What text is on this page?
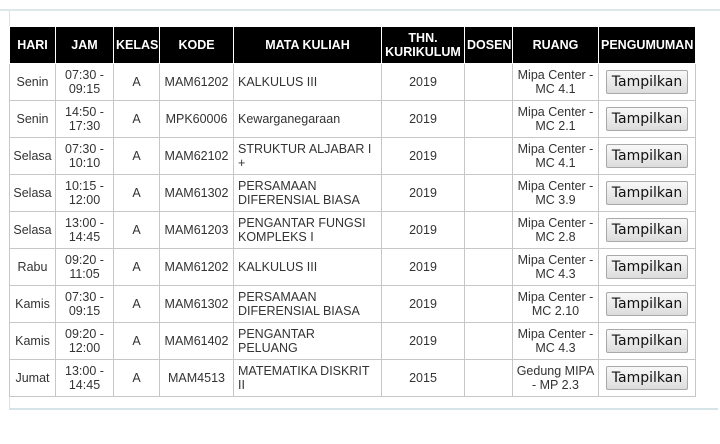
HARI	JAM	KELAS	KODE	MATA KULIAH	THN. KURIKULUM	DOSEN	RUANG	PENGUMUMAN
Senin	07:30 - 09:15	A	MAM61202	KALKULUS III	2019		Mipa Center - MC 4.1	Tampilkan
Senin	14:50 - 17:30	A	MPK60006	Kewarganegaraan	2019		Mipa Center - MC 2.1	Tampilkan
Selasa	07:30 - 10:10	A	MAM62102	STRUKTUR ALJABAR I +	2019		Mipa Center - MC 4.1	Tampilkan
Selasa	10:15 - 12:00	A	MAM61302	PERSAMAAN DIFERENSIAL BIASA	2019		Mipa Center - MC 3.9	Tampilkan
Selasa	13:00 - 14:45	A	MAM61203	PENGANTAR FUNGSI KOMPLEKS I	2019		Mipa Center - MC 2.8	Tampilkan
Rabu	09:20 - 11:05	A	MAM61202	KALKULUS III	2019		Mipa Center - MC 4.3	Tampilkan
Kamis	07:30 - 09:15	A	MAM61302	PERSAMAAN DIFERENSIAL BIASA	2019		Mipa Center - MC 2.10	Tampilkan
Kamis	09:20 - 12:00	A	MAM61402	PENGANTAR PELUANG	2019		Mipa Center - MC 4.3	Tampilkan
Jumat	13:00 - 14:45	A	MAM4513	MATEMATIKA DISKRIT II	2015		Gedung MIPA - MP 2.3	Tampilkan
